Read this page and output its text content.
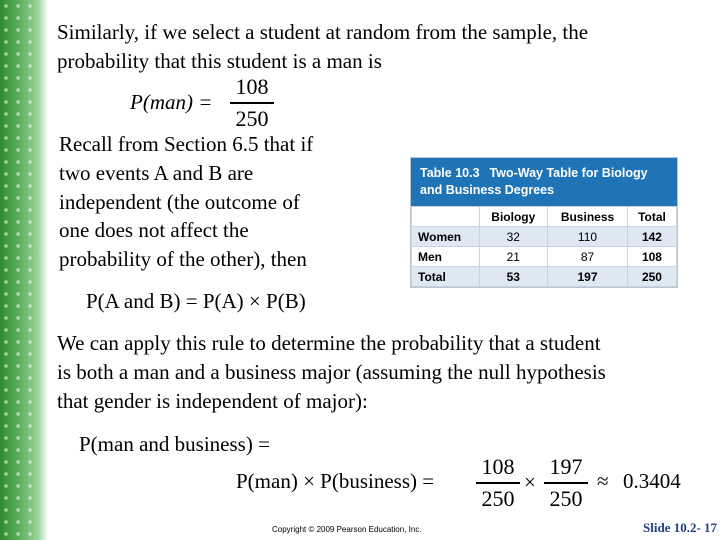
Similarly, if we select a student at random from the sample, the
probability that this student is a man is
P(man) =
108
250
Recall from Section 6.5 that if
two events A and B are
independent (the outcome of
one does not affect the
probability of the other), then
P(A and B) = P(A) × P(B)
Table 10.3 Two-Way Table for Biology and Business Degrees
	Biology	Business	Total
Women	32	110	142
Men	21	87	108
Total	53	197	250
We can apply this rule to determine the probability that a student
is both a man and a business major (assuming the null hypothesis
that gender is independent of major):
P(man and business) =
P(man) × P(business) =
108
250
×
197
250
≈ 0.3404
Copyright © 2009 Pearson Education, Inc.	Slide 10.2- 17
